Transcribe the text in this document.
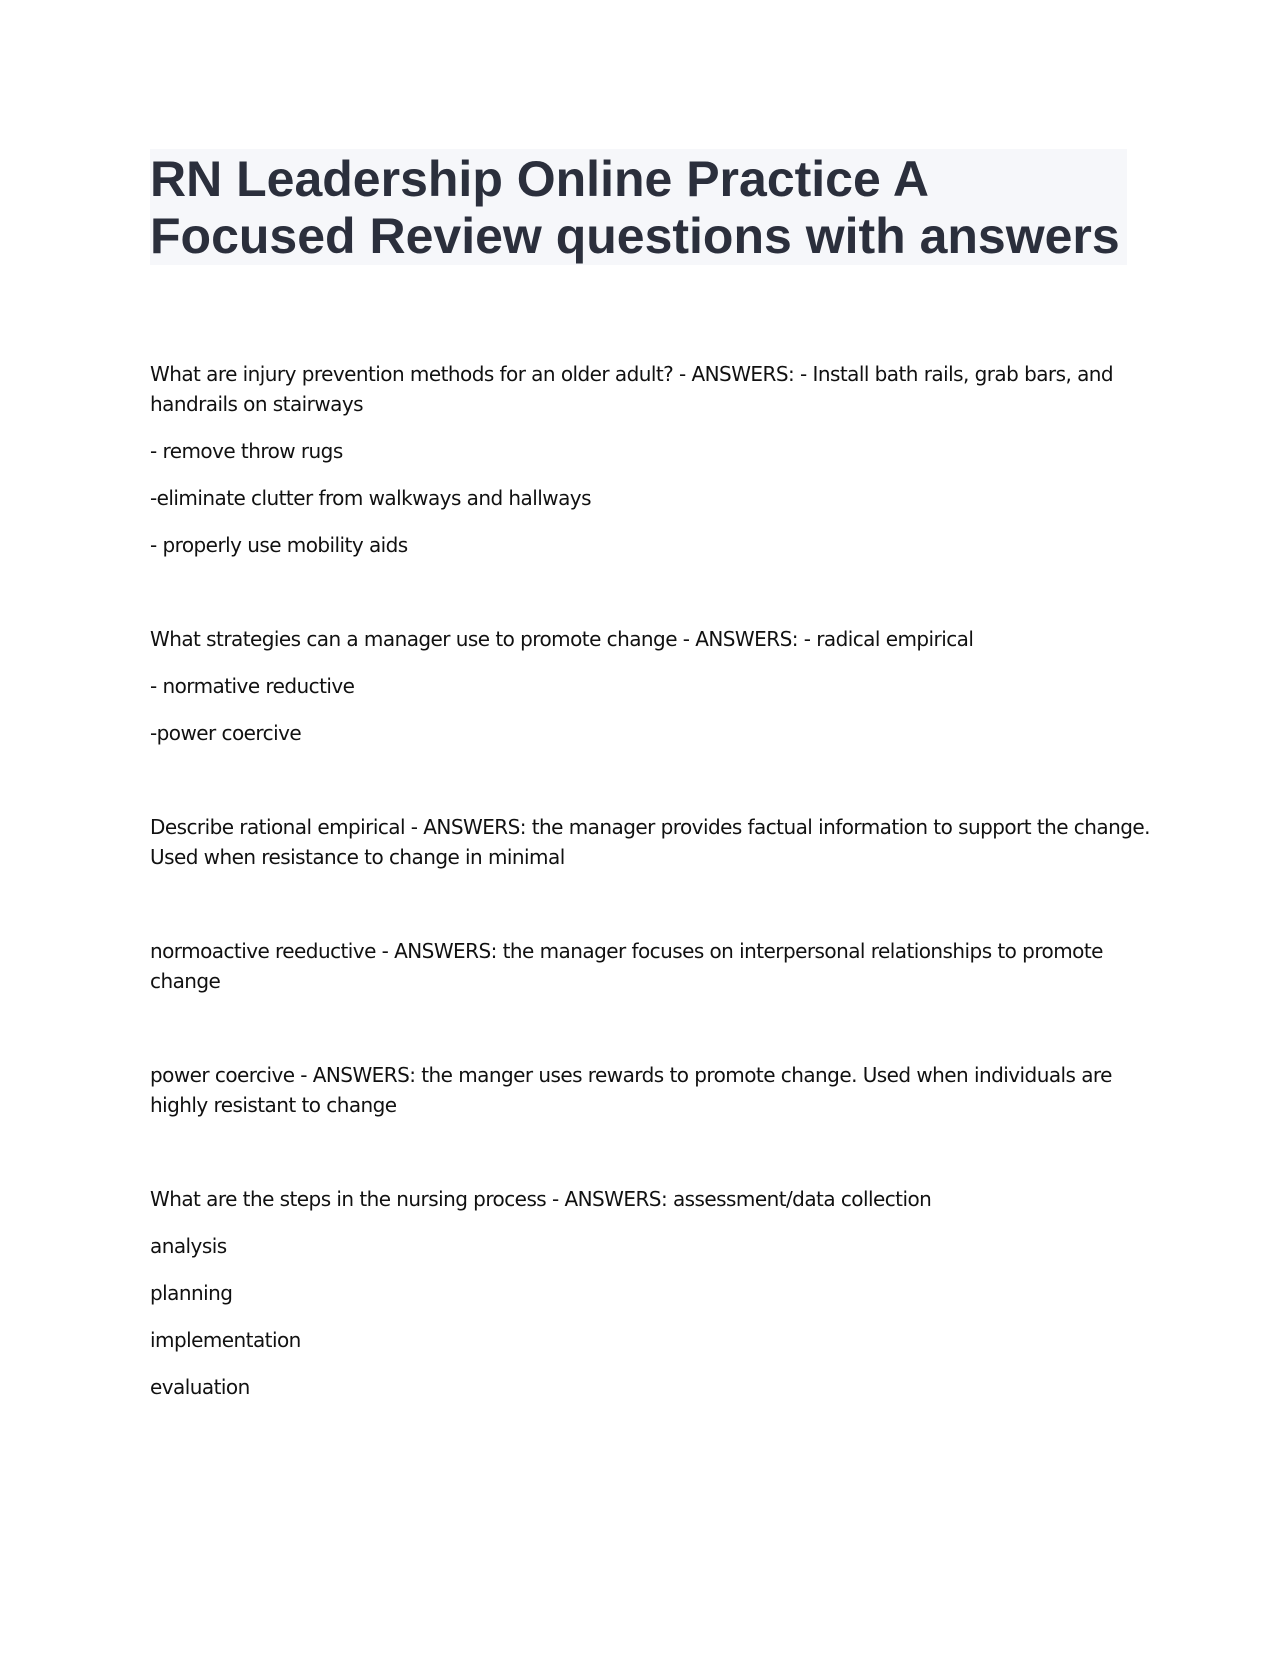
RN Leadership Online Practice A
Focused Review questions with answers
What are injury prevention methods for an older adult? - ANSWERS: - Install bath rails, grab bars, and
handrails on stairways
- remove throw rugs
-eliminate clutter from walkways and hallways
- properly use mobility aids
What strategies can a manager use to promote change - ANSWERS: - radical empirical
- normative reductive
-power coercive
Describe rational empirical - ANSWERS: the manager provides factual information to support the change.
Used when resistance to change in minimal
normoactive reeductive - ANSWERS: the manager focuses on interpersonal relationships to promote
change
power coercive - ANSWERS: the manger uses rewards to promote change. Used when individuals are
highly resistant to change
What are the steps in the nursing process - ANSWERS: assessment/data collection
analysis
planning
implementation
evaluation
